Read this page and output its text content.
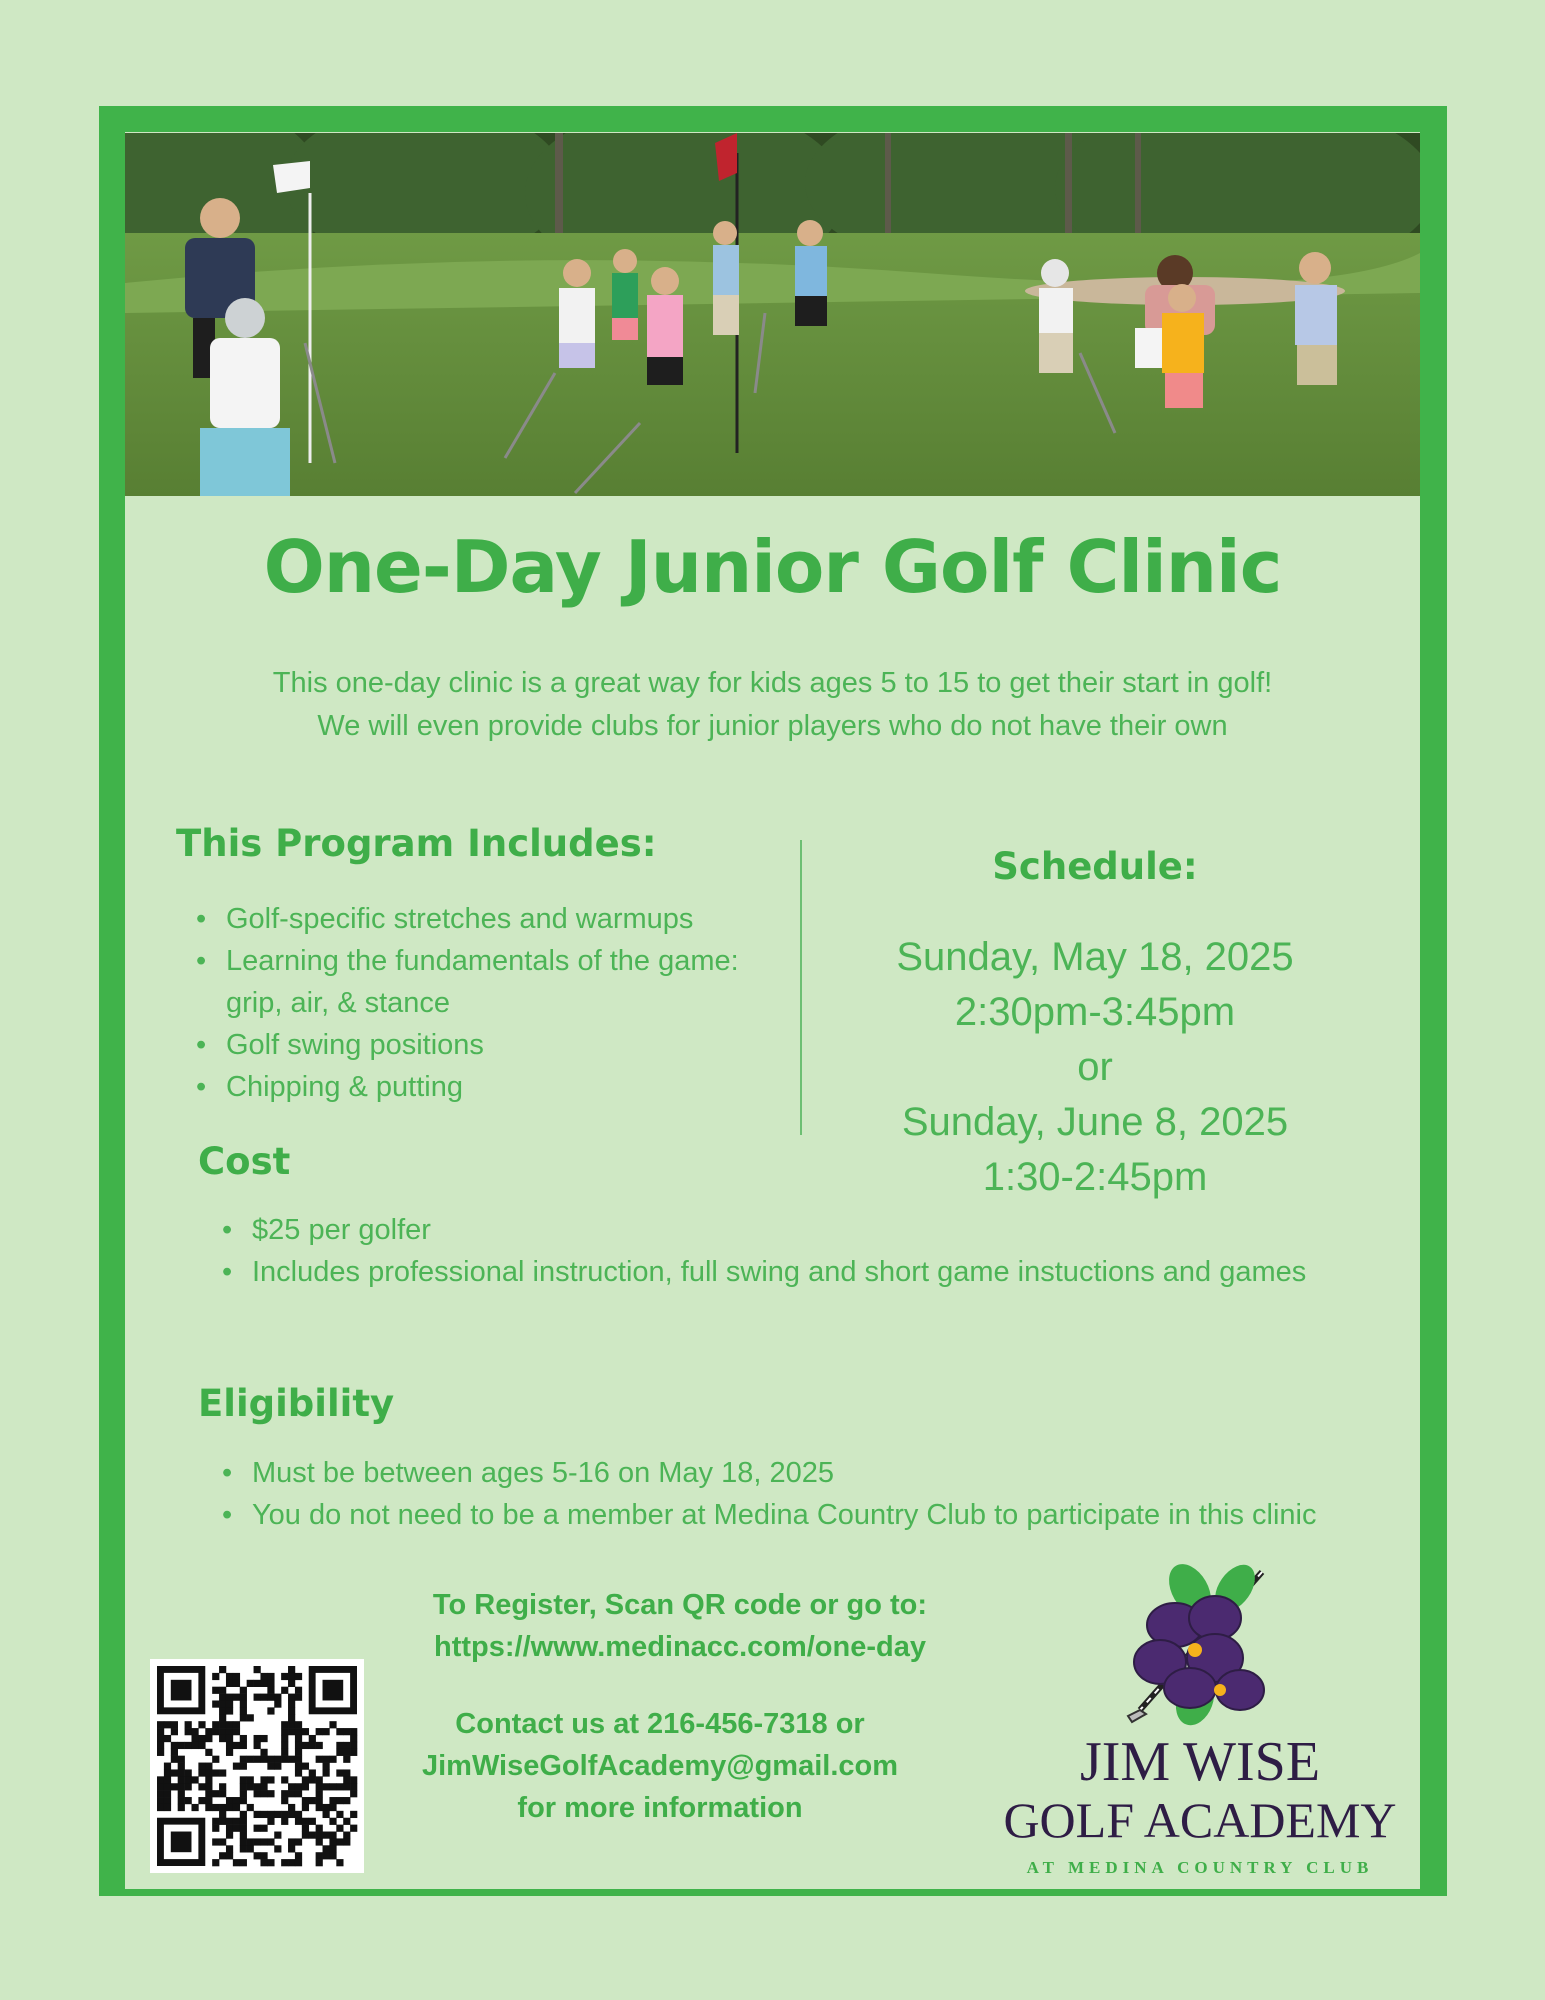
One-Day Junior Golf Clinic
This one-day clinic is a great way for kids ages 5 to 15 to get their start in golf!
We will even provide clubs for junior players who do not have their own
This Program Includes:
• Golf-specific stretches and warmups
• Learning the fundamentals of the game: grip, air, & stance
• Golf swing positions
• Chipping & putting
Schedule:
Sunday, May 18, 2025
2:30pm-3:45pm
or
Sunday, June 8, 2025
1:30-2:45pm
Cost
• $25 per golfer
• Includes professional instruction, full swing and short game instuctions and games
Eligibility
• Must be between ages 5-16 on May 18, 2025
• You do not need to be a member at Medina Country Club to participate in this clinic
To Register, Scan QR code or go to:
https://www.medinacc.com/one-day
Contact us at 216-456-7318 or
JimWiseGolfAcademy@gmail.com
for more information
JIM WISE
GOLF ACADEMY
AT MEDINA COUNTRY CLUB
